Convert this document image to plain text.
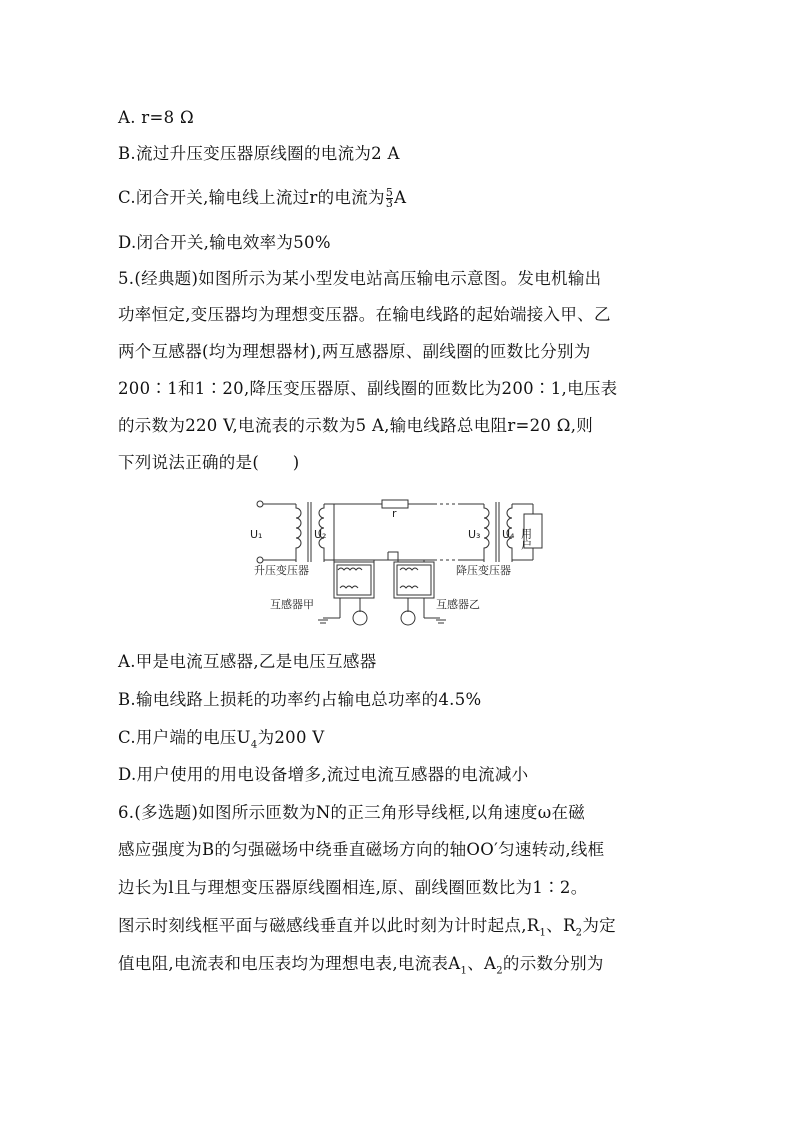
A. r=8 Ω
B.流过升压变压器原线圈的电流为2 A
C.闭合开关,输电线上流过r的电流为 $\frac{5}{3}$ A
D.闭合开关,输电效率为50%
5.(经典题)如图所示为某小型发电站高压输电示意图。发电机输出
功率恒定,变压器均为理想变压器。在输电线路的起始端接入甲、乙
两个互感器(均为理想器材),两互感器原、副线圈的匝数比分别为
200∶1和1∶20,降压变压器原、副线圈的匝数比为200∶1,电压表
的示数为220 V,电流表的示数为5 A,输电线路总电阻r=20 Ω,则
下列说法正确的是(　　)
U₁	U₂	U₃ U₄
r
用户
升压变压器	降压变压器
互感器甲	互感器乙
A.甲是电流互感器,乙是电压互感器
B.输电线路上损耗的功率约占输电总功率的4.5%
C.用户端的电压$U_4$为200 V
D.用户使用的用电设备增多,流过电流互感器的电流减小
6.(多选题)如图所示匝数为N的正三角形导线框,以角速度ω在磁
感应强度为B的匀强磁场中绕垂直磁场方向的轴OO′匀速转动,线框
边长为l且与理想变压器原线圈相连,原、副线圈匝数比为1∶2。
图示时刻线框平面与磁感线垂直并以此时刻为计时起点$,R_1$、$R_2$为定
值电阻,电流表和电压表均为理想电表,电流表$A_1$、$A_2$的示数分别为
